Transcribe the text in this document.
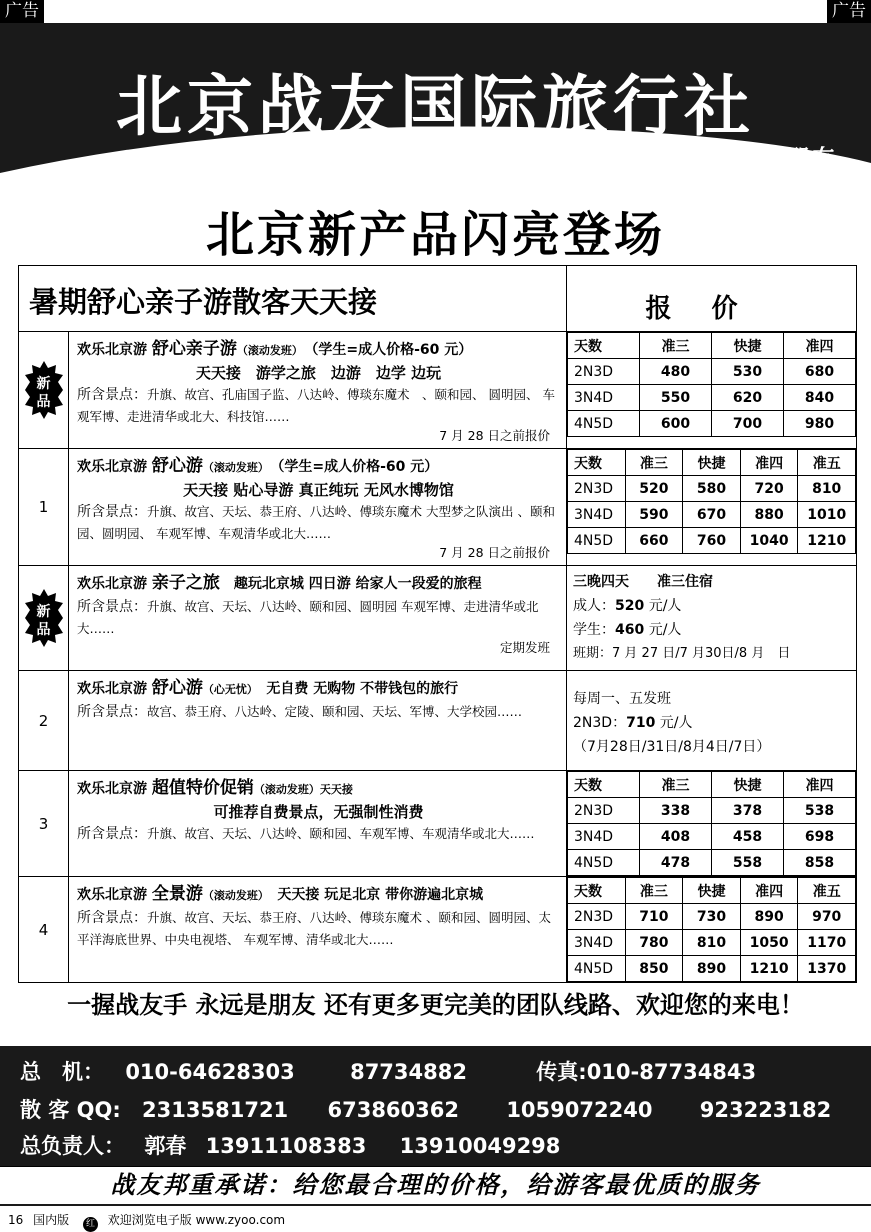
广告	广告
北京战友国际旅行社
您最值得信赖的朋友
北京新产品闪亮登场
暑期舒心亲子游散客天天接	报价

新
品

欢乐北京游 舒心亲子游（滚动发班）　 （学生=成人价格-60 元）
天天接　游学之旅　边游　边学 边玩
所含景点：升旗、故宫、孔庙国子监、八达岭、傅琰东魔术　、颐和园、 圆明园、 车观军博、走进清华或北大、科技馆……
7 月 28 日之前报价

天数	准三	快捷	准四
2N3D	480	530	680
3N4D	550	620	840
4N5D	600	700	980

1	
欢乐北京游 舒心游（滚动发班）　 （学生=成人价格-60 元）
天天接 贴心导游 真正纯玩 无风水博物馆
所含景点：升旗、故宫、天坛、恭王府、八达岭、傅琰东魔术 大型梦之队演出 、颐和园、圆明园、 车观军博、车观清华或北大……
7 月 28 日之前报价

天数	准三	快捷	准四	准五
2N3D	520	580	720	810
3N4D	590	670	880	1010
4N5D	660	760	1040	1210

新
品

欢乐北京游 亲子之旅　 趣玩北京城 四日游 给家人一段爱的旅程
所含景点：升旗、故宫、天坛、八达岭、颐和园、圆明园 车观军博、走进清华或北大……
定期发班

三晚四天　　准三住宿
成人：520 元/人
学生：460 元/人
班期：7 月 27 日/7 月30日/8 月　日

2	
欢乐北京游 舒心游（心无忧）　 无自费 无购物 不带钱包的旅行
所含景点：故宫、恭王府、八达岭、定陵、颐和园、天坛、军博、大学校园……

每周一、五发班
2N3D：710 元/人
（7月28日/31日/8月4日/7日）

3	
欢乐北京游 超值特价促销（滚动发班）天天接　
可推荐自费景点，无强制性消费
所含景点：升旗、故宫、天坛、八达岭、颐和园、车观军博、车观清华或北大……

天数	准三	快捷	准四
2N3D	338	378	538
3N4D	408	458	698
4N5D	478	558	858

4	
欢乐北京游 全景游（滚动发班）　 天天接 玩足北京 带你游遍北京城
所含景点：升旗、故宫、天坛、恭王府、八达岭、傅琰东魔术 、颐和园、圆明园、太平洋海底世界、中央电视塔、 车观军博、清华或北大……

天数	准三	快捷	准四	准五
2N3D	710	730	890	970
3N4D	780	810	1050	1170
4N5D	850	890	1210	1370
一握战友手 永远是朋友 还有更多更完美的团队线路、欢迎您的来电！
总　机： 010-64628303	87734882	传真:010-87734843
散 客 QQ: 2313581721 673860362 1059072240 923223182
总负责人： 郭春 13911108383 13910049298
战友邦重承诺：给您最合理的价格，给游客最优质的服务
16 国内版 红 欢迎浏览电子版 www.zyoo.com
